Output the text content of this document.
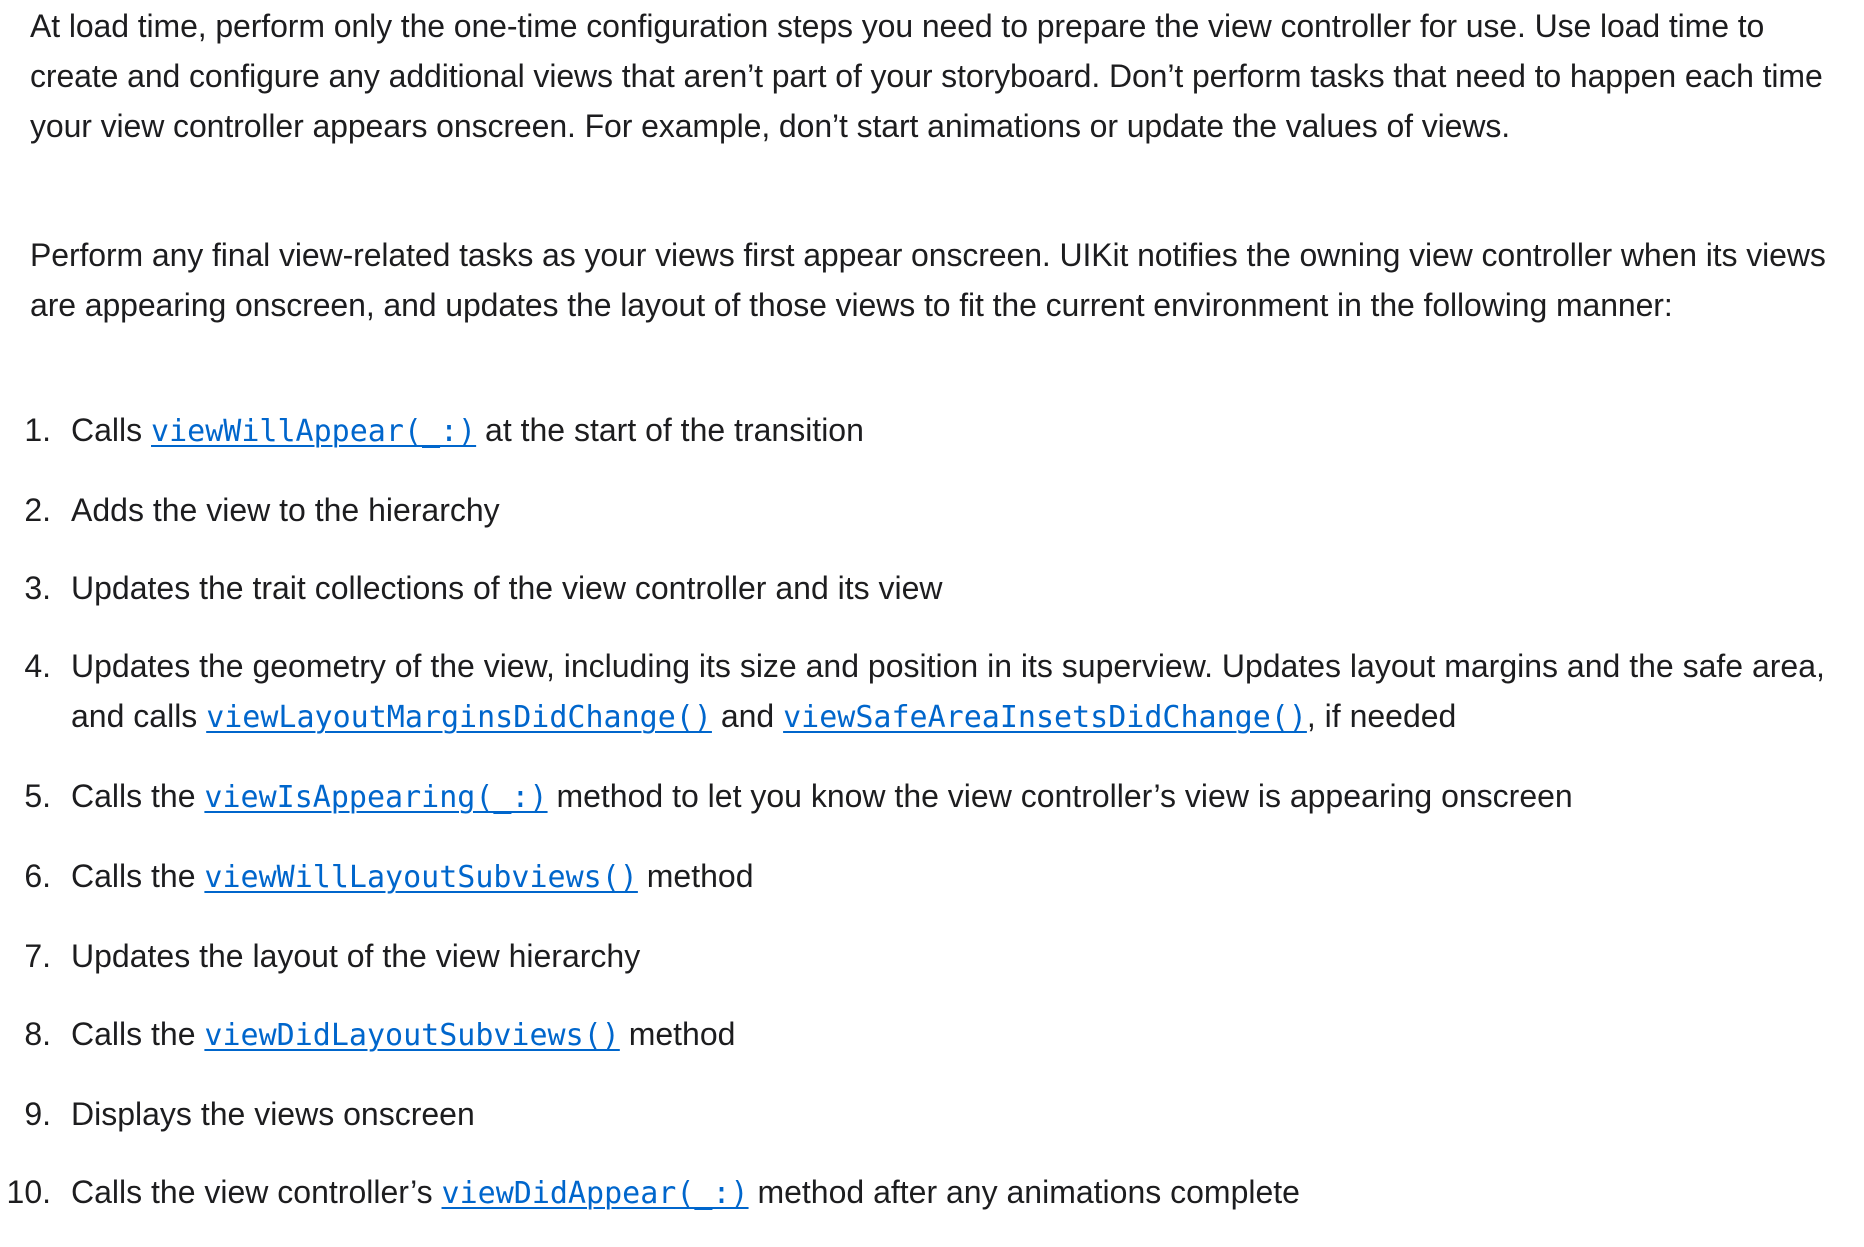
At load time, perform only the one-time configuration steps you need to prepare the view controller for use. Use load time to create and configure any additional views that aren’t part of your storyboard. Don’t perform tasks that need to happen each time your view controller appears onscreen. For example, don’t start animations or update the values of views.

Perform any final view-related tasks as your views first appear onscreen. UIKit notifies the owning view controller when its views are appearing onscreen, and updates the layout of those views to fit the current environment in the following manner:

1. Calls viewWillAppear(_:) at the start of the transition
2. Adds the view to the hierarchy
3. Updates the trait collections of the view controller and its view
4. Updates the geometry of the view, including its size and position in its superview. Updates layout margins and the safe area, and calls viewLayoutMarginsDidChange() and viewSafeAreaInsetsDidChange(), if needed
5. Calls the viewIsAppearing(_:) method to let you know the view controller’s view is appearing onscreen
6. Calls the viewWillLayoutSubviews() method
7. Updates the layout of the view hierarchy
8. Calls the viewDidLayoutSubviews() method
9. Displays the views onscreen
10. Calls the view controller’s viewDidAppear(_:) method after any animations complete
